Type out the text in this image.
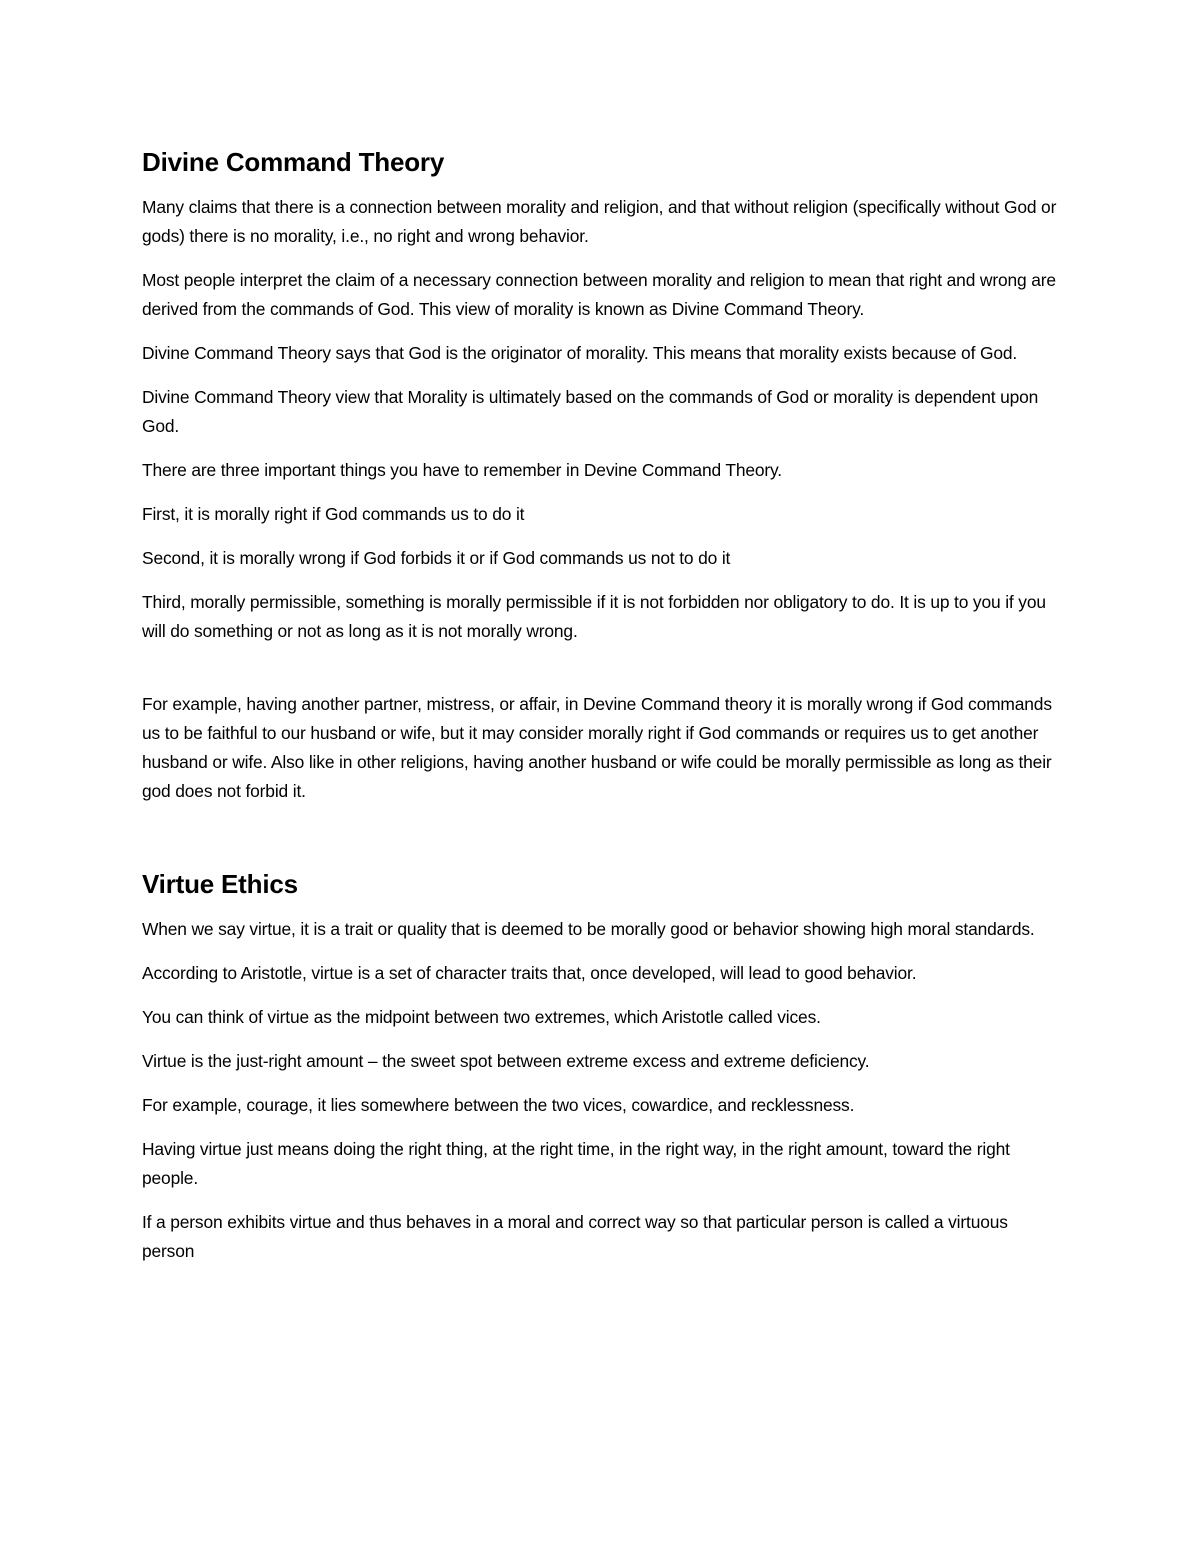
Divine Command Theory

Many claims that there is a connection between morality and religion, and that without religion (specifically without God or gods) there is no morality, i.e., no right and wrong behavior.

Most people interpret the claim of a necessary connection between morality and religion to mean that right and wrong are derived from the commands of God. This view of morality is known as Divine Command Theory.

Divine Command Theory says that God is the originator of morality. This means that morality exists because of God.

Divine Command Theory view that Morality is ultimately based on the commands of God or morality is dependent upon God.

There are three important things you have to remember in Devine Command Theory.

First, it is morally right if God commands us to do it

Second, it is morally wrong if God forbids it or if God commands us not to do it

Third, morally permissible, something is morally permissible if it is not forbidden nor obligatory to do. It is up to you if you will do something or not as long as it is not morally wrong.

For example, having another partner, mistress, or affair, in Devine Command theory it is morally wrong if God commands us to be faithful to our husband or wife, but it may consider morally right if God commands or requires us to get another husband or wife. Also like in other religions, having another husband or wife could be morally permissible as long as their god does not forbid it.

Virtue Ethics

When we say virtue, it is a trait or quality that is deemed to be morally good or behavior showing high moral standards.

According to Aristotle, virtue is a set of character traits that, once developed, will lead to good behavior.

You can think of virtue as the midpoint between two extremes, which Aristotle called vices.

Virtue is the just-right amount – the sweet spot between extreme excess and extreme deficiency.

For example, courage, it lies somewhere between the two vices, cowardice, and recklessness.

Having virtue just means doing the right thing, at the right time, in the right way, in the right amount, toward the right people.

If a person exhibits virtue and thus behaves in a moral and correct way so that particular person is called a virtuous person
